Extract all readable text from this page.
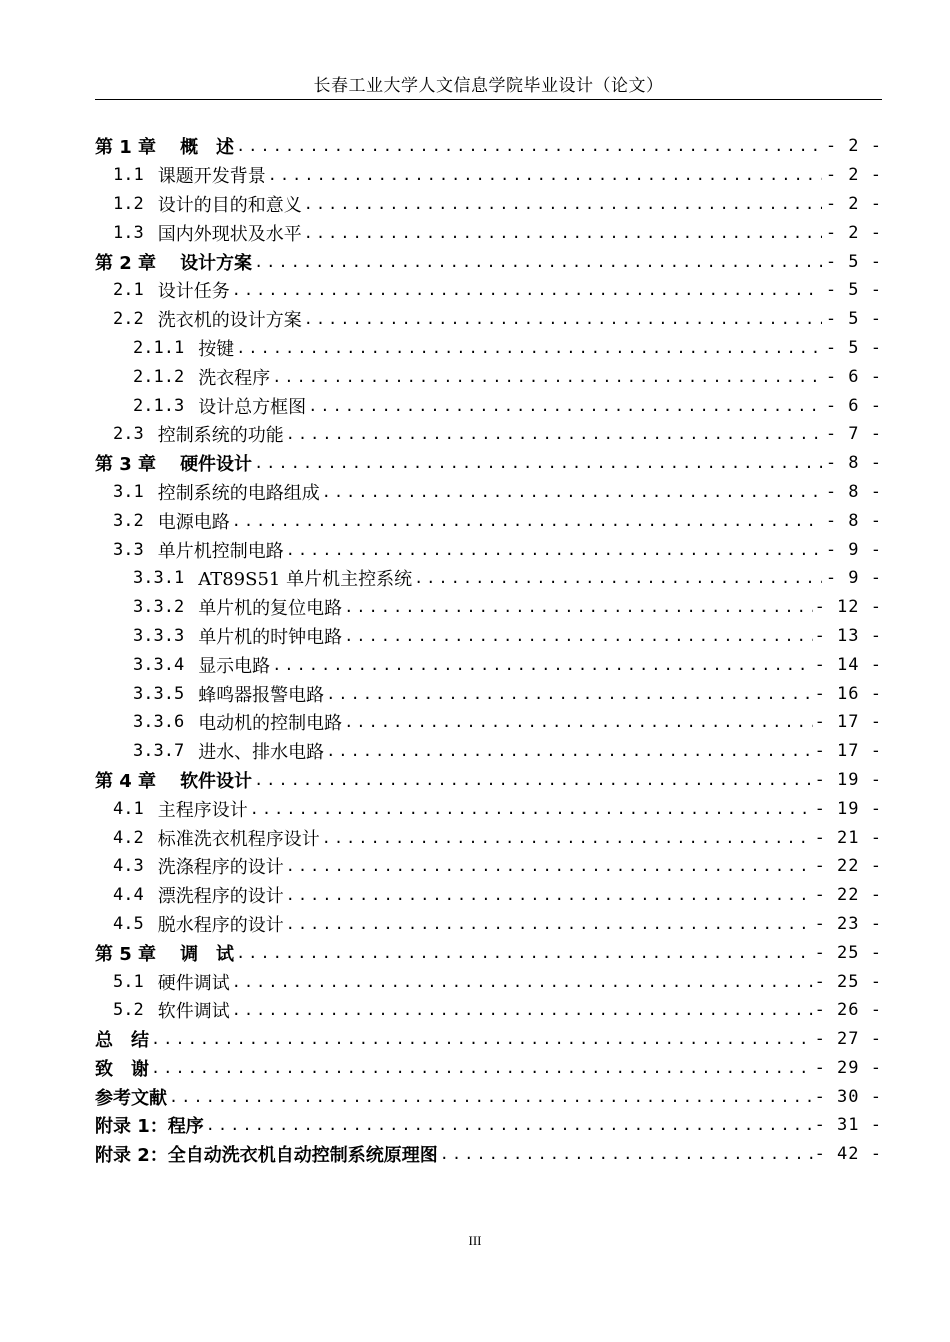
长春工业大学人文信息学院毕业设计（论文）
第 1 章 概　述 .....	- 2 -
1.1 课题开发背景 .....	- 2 -
1.2 设计的目的和意义 .....	- 2 -
1.3 国内外现状及水平 .....	- 2 -
第 2 章 设计方案 .....	- 5 -
2.1 设计任务 .....	- 5 -
2.2 洗衣机的设计方案 .....	- 5 -
2.1.1 按键 .....	- 5 -
2.1.2 洗衣程序 .....	- 6 -
2.1.3 设计总方框图 .....	- 6 -
2.3 控制系统的功能 .....	- 7 -
第 3 章 硬件设计 .....	- 8 -
3.1 控制系统的电路组成 .....	- 8 -
3.2 电源电路 .....	- 8 -
3.3 单片机控制电路 .....	- 9 -
3.3.1 AT89S51 单片机主控系统 .....	- 9 -
3.3.2 单片机的复位电路 .....	- 12 -
3.3.3 单片机的时钟电路 .....	- 13 -
3.3.4 显示电路 .....	- 14 -
3.3.5 蜂鸣器报警电路 .....	- 16 -
3.3.6 电动机的控制电路 .....	- 17 -
3.3.7 进水、排水电路 .....	- 17 -
第 4 章 软件设计 .....	- 19 -
4.1 主程序设计 .....	- 19 -
4.2 标准洗衣机程序设计 .....	- 21 -
4.3 洗涤程序的设计 .....	- 22 -
4.4 漂洗程序的设计 .....	- 22 -
4.5 脱水程序的设计 .....	- 23 -
第 5 章 调　试 .....	- 25 -
5.1 硬件调试 .....	- 25 -
5.2 软件调试 .....	- 26 -
总　结 .....	- 27 -
致　谢 .....	- 29 -
参考文献 .....	- 30 -
附录 1：程序 .....	- 31 -
附录 2：全自动洗衣机自动控制系统原理图 .....	- 42 -
III
